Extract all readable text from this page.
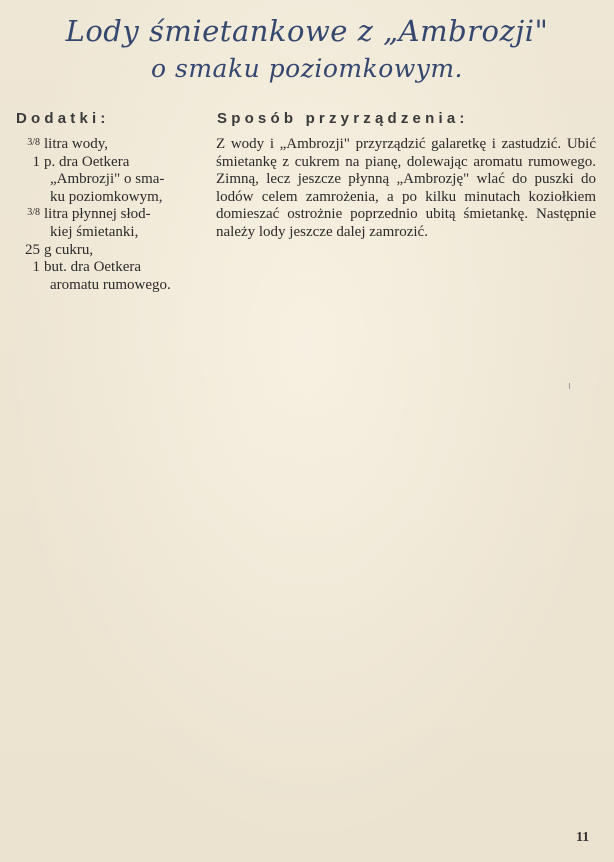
Lody śmietankowe z „Ambrozji"
o smaku poziomkowym.
Dodatki:	Sposób przyrządzenia:
3/8 litra wody,
1 p. dra Oetkera
„Ambrozji" o sma-
ku poziomkowym,
3/8 litra płynnej słod-
kiej śmietanki,
25 g cukru,
1 but. dra Oetkera
aromatu rumowego.

Z wody i „Ambrozji" przyrządzić galaretkę i zastudzić. Ubić śmietankę z cukrem na pianę, dolewając aromatu rumowego. Zimną, lecz jeszcze płynną „Ambrozję" wlać do puszki do lodów celem zamrożenia, a po kilku minutach koziołkiem domieszać ostrożnie poprzednio ubitą śmietankę. Następnie należy lody jeszcze dalej zamrozić.

11
